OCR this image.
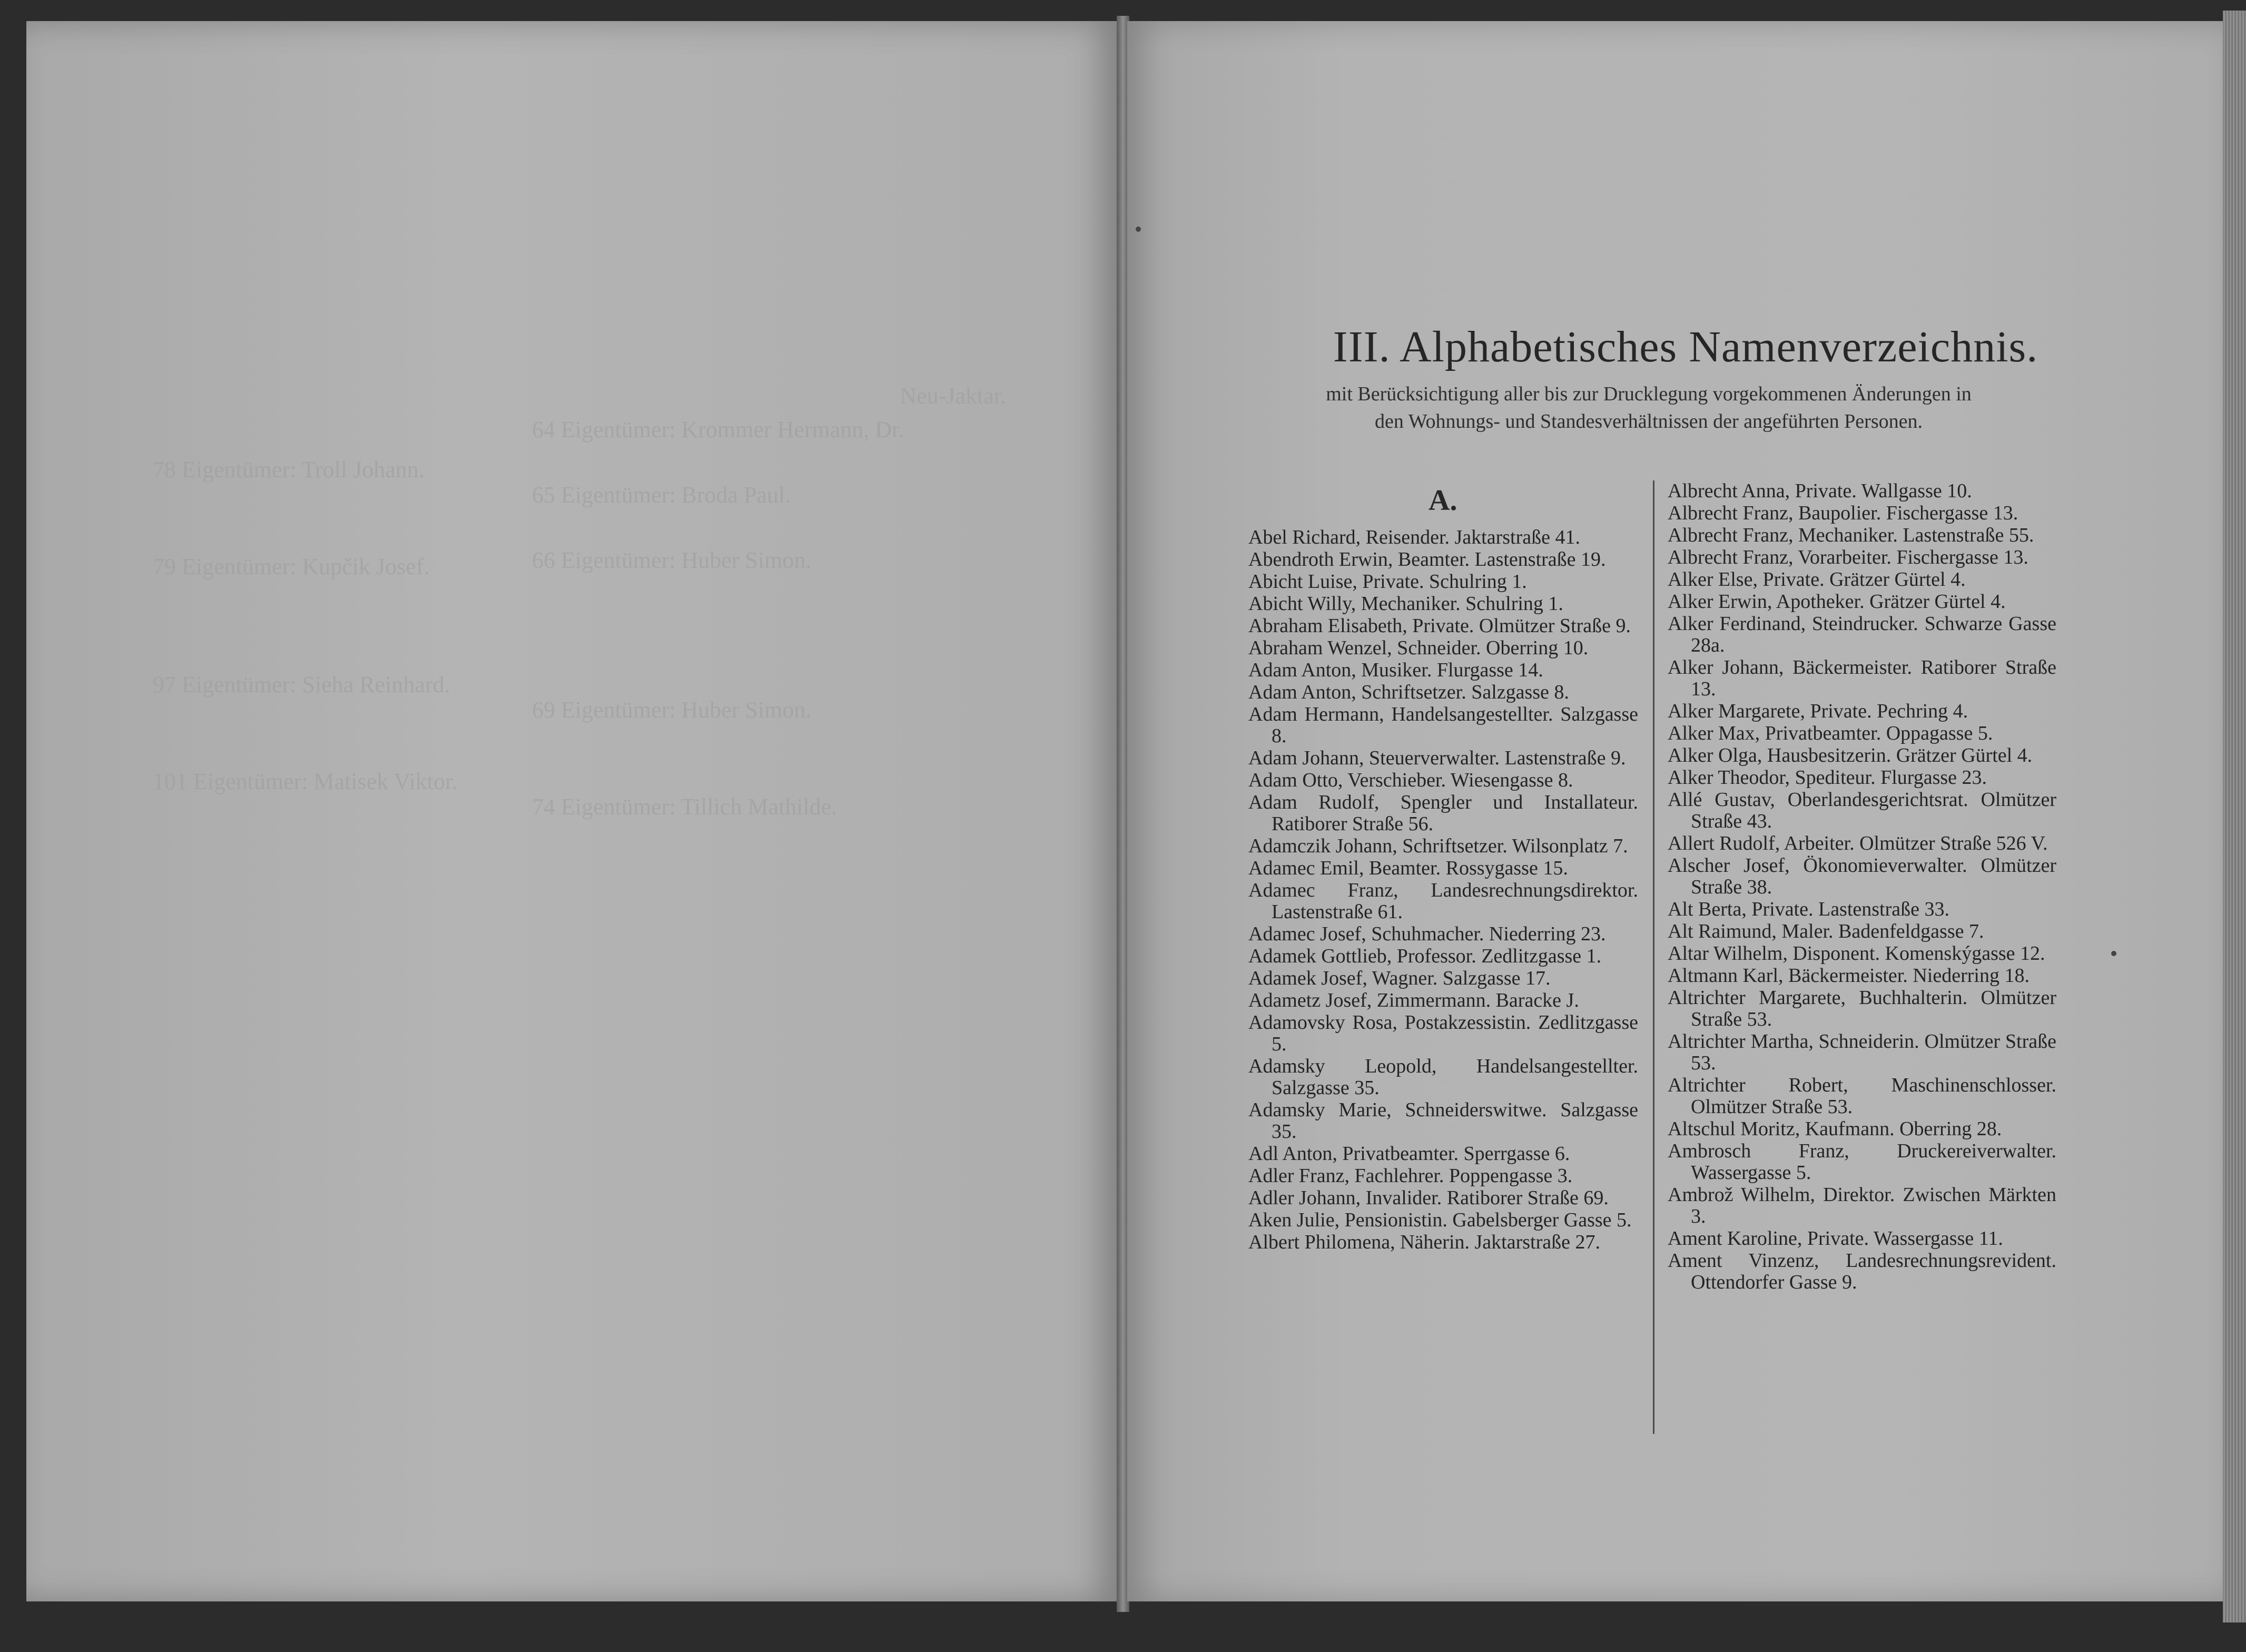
Neu-Jaktar.
64 Eigentümer: Krommer Hermann, Dr.
65 Eigentümer: Broda Paul.
66 Eigentümer: Huber Simon.
69 Eigentümer: Huber Simon.
74 Eigentümer: Tillich Mathilde.
78 Eigentümer: Troll Johann.
79 Eigentümer: Kupčik Josef.
97 Eigentümer: Sieha Reinhard.
101 Eigentümer: Matisek Viktor.
III. Alphabetisches Namenverzeichnis.
mit Berücksichtigung aller bis zur Drucklegung vorgekommenen Änderungen in
den Wohnungs- und Standesverhältnissen der angeführten Personen.
A.
Abel Richard, Reisender. Jaktarstraße 41.
Abendroth Erwin, Beamter. Lastenstraße 19.
Abicht Luise, Private. Schulring 1.
Abicht Willy, Mechaniker. Schulring 1.
Abraham Elisabeth, Private. Olmützer Straße 9.
Abraham Wenzel, Schneider. Oberring 10.
Adam Anton, Musiker. Flurgasse 14.
Adam Anton, Schriftsetzer. Salzgasse 8.
Adam Hermann, Handelsangestellter. Salzgasse 8.
Adam Johann, Steuerverwalter. Lastenstraße 9.
Adam Otto, Verschieber. Wiesengasse 8.
Adam Rudolf, Spengler und Installateur. Ratiborer Straße 56.
Adamczik Johann, Schriftsetzer. Wilsonplatz 7.
Adamec Emil, Beamter. Rossygasse 15.
Adamec Franz, Landesrechnungsdirektor. Lastenstraße 61.
Adamec Josef, Schuhmacher. Niederring 23.
Adamek Gottlieb, Professor. Zedlitzgasse 1.
Adamek Josef, Wagner. Salzgasse 17.
Adametz Josef, Zimmermann. Baracke J.
Adamovsky Rosa, Postakzessistin. Zedlitzgasse 5.
Adamsky Leopold, Handelsangestellter. Salzgasse 35.
Adamsky Marie, Schneiderswitwe. Salzgasse 35.
Adl Anton, Privatbeamter. Sperrgasse 6.
Adler Franz, Fachlehrer. Poppengasse 3.
Adler Johann, Invalider. Ratiborer Straße 69.
Aken Julie, Pensionistin. Gabelsberger Gasse 5.
Albert Philomena, Näherin. Jaktarstraße 27.
Albrecht Anna, Private. Wallgasse 10.
Albrecht Franz, Baupolier. Fischergasse 13.
Albrecht Franz, Mechaniker. Lastenstraße 55.
Albrecht Franz, Vorarbeiter. Fischergasse 13.
Alker Else, Private. Grätzer Gürtel 4.
Alker Erwin, Apotheker. Grätzer Gürtel 4.
Alker Ferdinand, Steindrucker. Schwarze Gasse 28a.
Alker Johann, Bäckermeister. Ratiborer Straße 13.
Alker Margarete, Private. Pechring 4.
Alker Max, Privatbeamter. Oppagasse 5.
Alker Olga, Hausbesitzerin. Grätzer Gürtel 4.
Alker Theodor, Spediteur. Flurgasse 23.
Allé Gustav, Oberlandesgerichtsrat. Olmützer Straße 43.
Allert Rudolf, Arbeiter. Olmützer Straße 526 V.
Alscher Josef, Ökonomieverwalter. Olmützer Straße 38.
Alt Berta, Private. Lastenstraße 33.
Alt Raimund, Maler. Badenfeldgasse 7.
Altar Wilhelm, Disponent. Komenskýgasse 12.
Altmann Karl, Bäckermeister. Niederring 18.
Altrichter Margarete, Buchhalterin. Olmützer Straße 53.
Altrichter Martha, Schneiderin. Olmützer Straße 53.
Altrichter Robert, Maschinenschlosser. Olmützer Straße 53.
Altschul Moritz, Kaufmann. Oberring 28.
Ambrosch Franz, Druckereiverwalter. Wassergasse 5.
Ambrož Wilhelm, Direktor. Zwischen Märkten 3.
Ament Karoline, Private. Wassergasse 11.
Ament Vinzenz, Landesrechnungsrevident. Ottendorfer Gasse 9.
